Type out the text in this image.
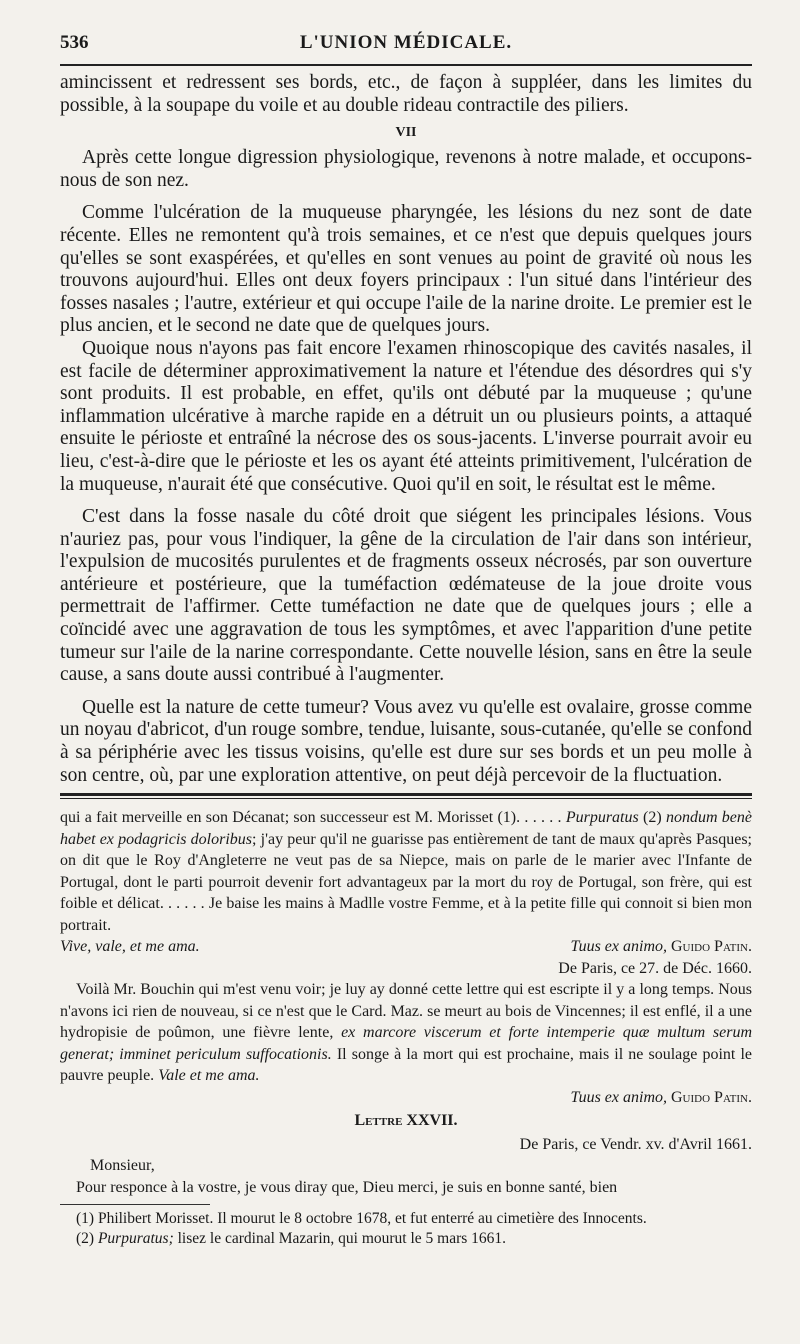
536	L'UNION MÉDICALE.

amincissent et redressent ses bords, etc., de façon à suppléer, dans les limites du possible, à la soupape du voile et au double rideau contractile des piliers.

VII

Après cette longue digression physiologique, revenons à notre malade, et occupons-nous de son nez.

Comme l'ulcération de la muqueuse pharyngée, les lésions du nez sont de date récente. Elles ne remontent qu'à trois semaines, et ce n'est que depuis quelques jours qu'elles se sont exaspérées, et qu'elles en sont venues au point de gravité où nous les trouvons aujourd'hui. Elles ont deux foyers principaux : l'un situé dans l'intérieur des fosses nasales ; l'autre, extérieur et qui occupe l'aile de la narine droite. Le premier est le plus ancien, et le second ne date que de quelques jours.

Quoique nous n'ayons pas fait encore l'examen rhinoscopique des cavités nasales, il est facile de déterminer approximativement la nature et l'étendue des désordres qui s'y sont produits. Il est probable, en effet, qu'ils ont débuté par la muqueuse ; qu'une inflammation ulcérative à marche rapide en a détruit un ou plusieurs points, a attaqué ensuite le périoste et entraîné la nécrose des os sous-jacents. L'inverse pourrait avoir eu lieu, c'est-à-dire que le périoste et les os ayant été atteints primitivement, l'ulcération de la muqueuse, n'aurait été que consécutive. Quoi qu'il en soit, le résultat est le même.

C'est dans la fosse nasale du côté droit que siégent les principales lésions. Vous n'auriez pas, pour vous l'indiquer, la gêne de la circulation de l'air dans son intérieur, l'expulsion de mucosités purulentes et de fragments osseux nécrosés, par son ouverture antérieure et postérieure, que la tuméfaction œdémateuse de la joue droite vous permettrait de l'affirmer. Cette tuméfaction ne date que de quelques jours ; elle a coïncidé avec une aggravation de tous les symptômes, et avec l'apparition d'une petite tumeur sur l'aile de la narine correspondante. Cette nouvelle lésion, sans en être la seule cause, a sans doute aussi contribué à l'augmenter.

Quelle est la nature de cette tumeur? Vous avez vu qu'elle est ovalaire, grosse comme un noyau d'abricot, d'un rouge sombre, tendue, luisante, sous-cutanée, qu'elle se confond à sa périphérie avec les tissus voisins, qu'elle est dure sur ses bords et un peu molle à son centre, où, par une exploration attentive, on peut déjà percevoir de la fluctuation.

qui a fait merveille en son Décanat; son successeur est M. Morisset (1). . . . . . Purpuratus (2) nondum benè habet ex podagricis doloribus; j'ay peur qu'il ne guarisse pas entièrement de tant de maux qu'après Pasques; on dit que le Roy d'Angleterre ne veut pas de sa Niepce, mais on parle de le marier avec l'Infante de Portugal, dont le parti pourroit devenir fort advantageux par la mort du roy de Portugal, son frère, qui est foible et délicat. . . . . . Je baise les mains à Madlle vostre Femme, et à la petite fille qui connoit si bien mon portrait.

Vive, vale, et me ama.	Tuus ex animo, Guido Patin.

De Paris, ce 27. de Déc. 1660.

Voilà Mr. Bouchin qui m'est venu voir; je luy ay donné cette lettre qui est escripte il y a long temps. Nous n'avons ici rien de nouveau, si ce n'est que le Card. Maz. se meurt au bois de Vincennes; il est enflé, il a une hydropisie de poûmon, une fièvre lente, ex marcore viscerum et forte intemperie quæ multum serum generat; imminet periculum suffocationis. Il songe à la mort qui est prochaine, mais il ne soulage point le pauvre peuple. Vale et me ama.

Tuus ex animo, Guido Patin.

Lettre XXVII.

De Paris, ce Vendr. xv. d'Avril 1661.

Monsieur,

Pour responce à la vostre, je vous diray que, Dieu merci, je suis en bonne santé, bien

(1) Philibert Morisset. Il mourut le 8 octobre 1678, et fut enterré au cimetière des Innocents.

(2) Purpuratus; lisez le cardinal Mazarin, qui mourut le 5 mars 1661.
